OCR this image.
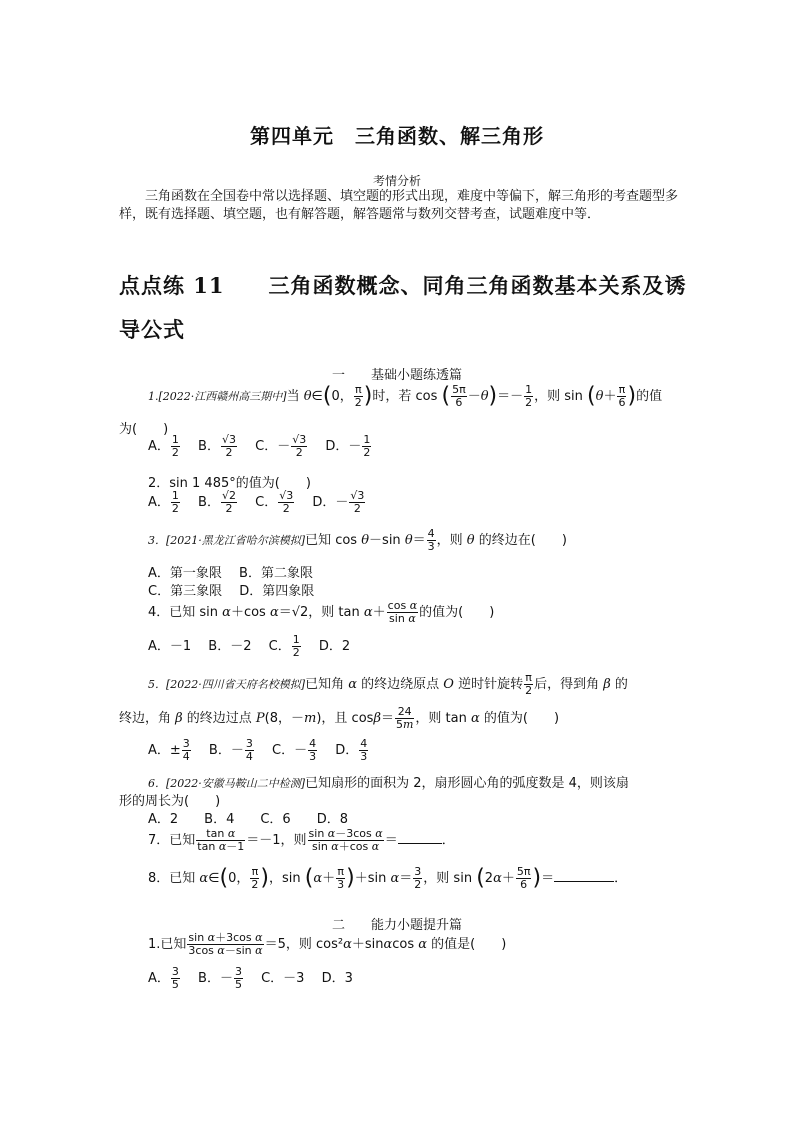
第四单元　三角函数、解三角形
考情分析
三角函数在全国卷中常以选择题、填空题的形式出现，难度中等偏下，解三角形的考查题型多样，既有选择题、填空题，也有解答题，解答题常与数列交替考查，试题难度中等．
点点练 11　　三角函数概念、同角三角函数基本关系及诱导公式
一　　基础小题练透篇
1.[2022·江西赣州高三期中]当 θ∈(0， $\frac{\pi}{2}$ )时，若 cos ( $\frac{5\pi}{6} -\theta)=- \frac{1}{2}$ ，则 $\sin (\theta+ \frac{\pi}{6}$ )的值
为(　　)
A． $\frac{1}{2}$ 　 B． $\frac{√3}{2}$ 　 C．－ $\frac{√3}{2}$ 　 D．－ $\frac{1}{2}$
2．sin 1 485°的值为(　　)
A． $\frac{1}{2}$ 　 B． $\frac{√2}{2}$ 　 C． $\frac{√3}{2}$ 　 D．－ $\frac{√3}{2}$
3．[2021·黑龙江省哈尔滨模拟]已知 cos θ－sin $\theta= \frac{4}{3}$ ，则 θ 的终边在(　　)
A．第一象限　 B．第二象限
C．第三象限　 D．第四象限
4．已知 sin α＋cos α＝√2，则 $\tan \alpha+ \frac{\text{cos α}}{\text{sin α}}$ 的值为(　　)
A．－1　 B．－2　 C． $\frac{1}{2}$ 　 D．2
5．[2022·四川省天府名校模拟]已知角 α 的终边绕原点 O 逆时针旋转 $\frac{\pi}{2}$ 后，得到角 β 的
终边，角 β 的终边过点 P(8，－m)，且 $\cos\beta= \frac{24}{5m}$ ，则 tan α 的值为(　　)
A．± $\frac{3}{4}$ 　 B．－ $\frac{3}{4}$ 　 C．－ $\frac{4}{3}$ 　 D． $\frac{4}{3}$
6．[2022·安徽马鞍山二中检测]已知扇形的面积为 2，扇形圆心角的弧度数是 4，则该扇
形的周长为(　　)
A．2　　B．4　　C．6　　D．8
7．已知 $\frac{\text{tan α}}{\text{tan α－1}} =-1$，则 $\frac{\text{sin α－3cos α}}{\text{sin α＋cos α}}$ ＝	．
8．已知 α∈(0， $\frac{\pi}{2}$ )，$\sin (\alpha+ \frac{\pi}{3} )+\sin$ $\alpha= \frac{3}{2}$ ，则 $\sin (2\alpha+ \frac{5\pi}{6}$ )＝	．
二　　能力小题提升篇
1.已知 $\frac{\text{sin α＋3cos α}}{\text{3cos α－sin α}} =5$，则 cos²α＋sinαcos α 的值是(　　)
A． $\frac{3}{5}$ 　 B．－ $\frac{3}{5}$ 　 C．－3　 D．3
